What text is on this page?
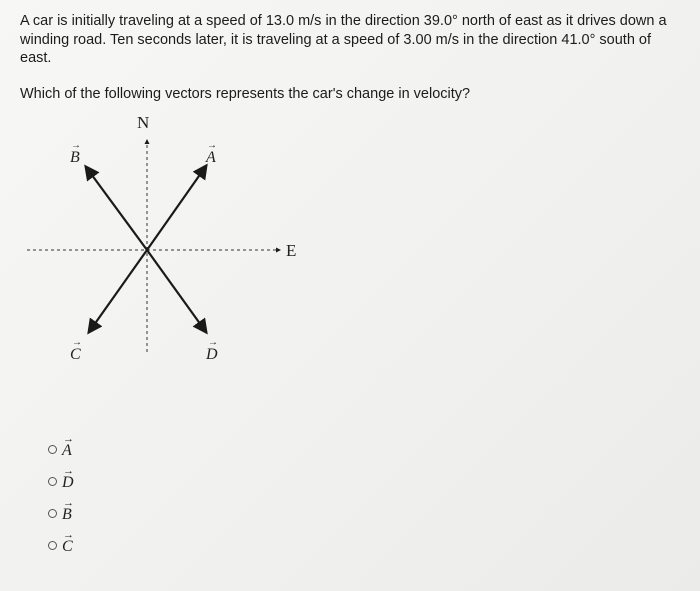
A car is initially traveling at a speed of 13.0 m/s in the direction 39.0° north of east as it drives down a winding road. Ten seconds later, it is traveling at a speed of 3.00 m/s in the direction 41.0° south of east.
Which of the following vectors represents the car's change in velocity?
N
E
→
A
→
B
→
C
→
D
→
A
→
D
→
B
→
C
